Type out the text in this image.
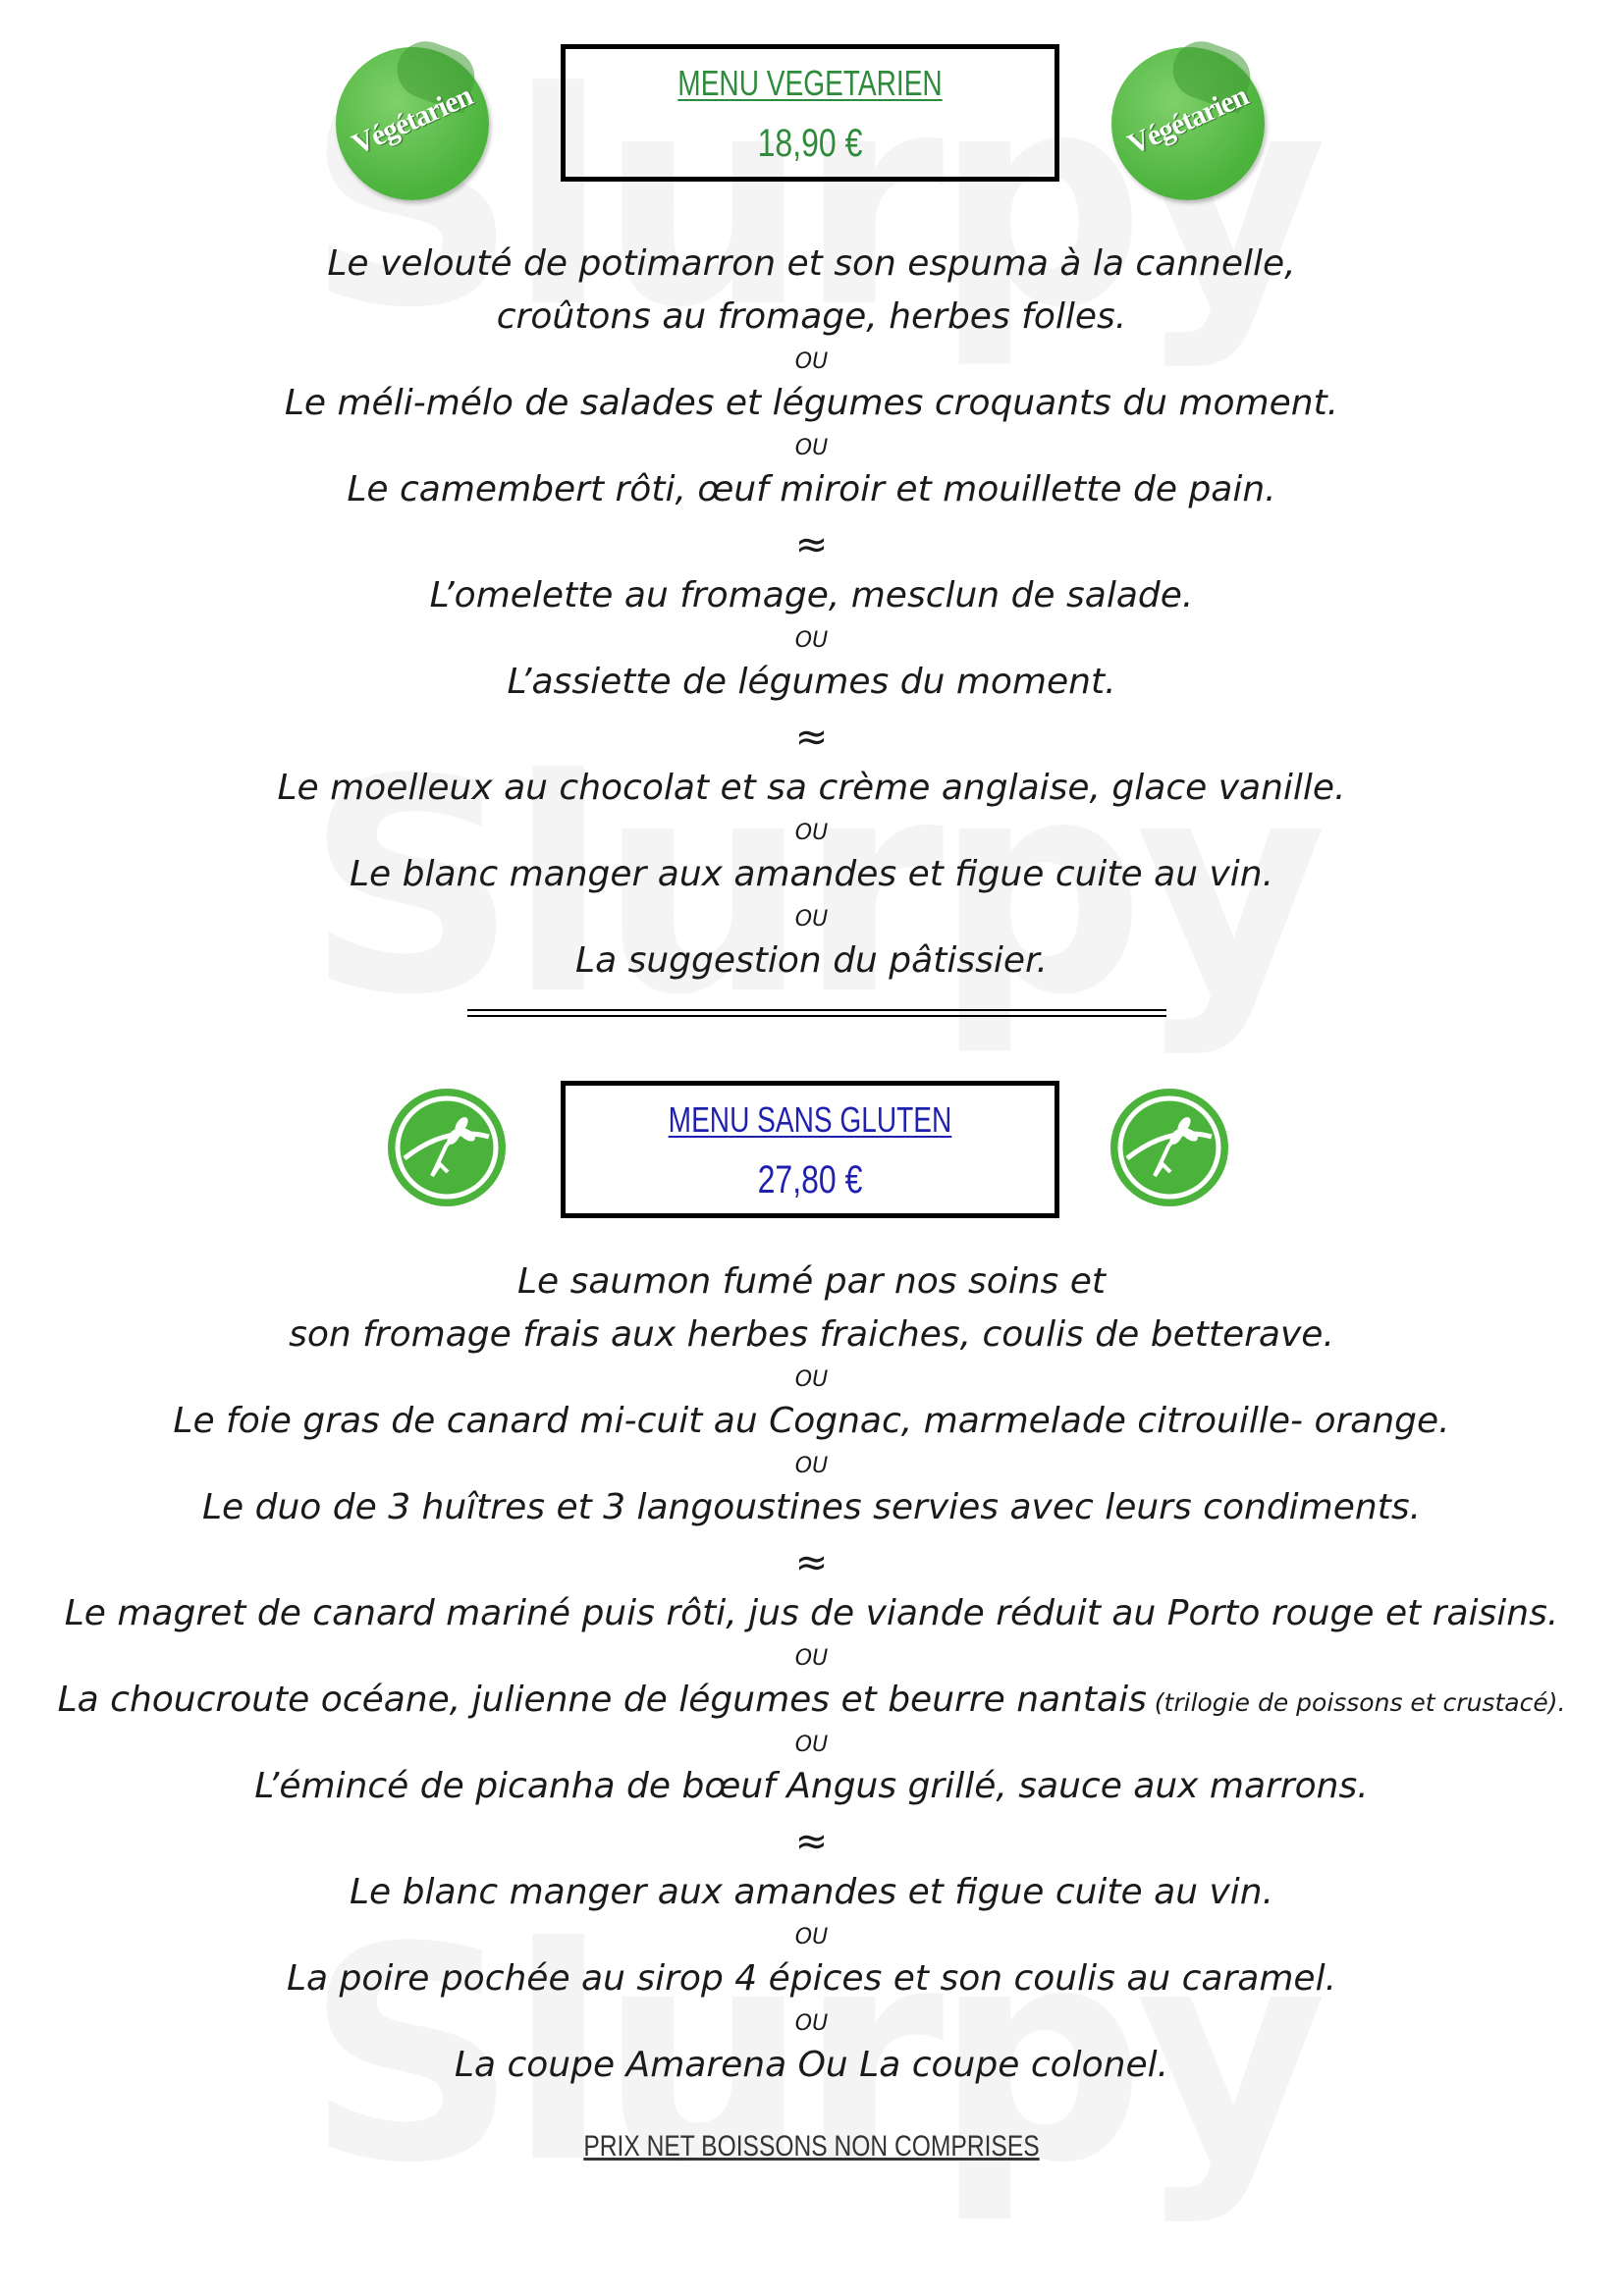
Végétarien	MENU VEGETARIEN
18,90 €	Végétarien
Le velouté de potimarron et son espuma à la cannelle,
croûtons au fromage, herbes folles.
OU
Le méli-mélo de salades et légumes croquants du moment.
OU
Le camembert rôti, œuf miroir et mouillette de pain.
≈
L’omelette au fromage, mesclun de salade.
OU
L’assiette de légumes du moment.
≈
Le moelleux au chocolat et sa crème anglaise, glace vanille.
OU
Le blanc manger aux amandes et figue cuite au vin.
OU
La suggestion du pâtissier.
MENU SANS GLUTEN
27,80 €
Le saumon fumé par nos soins et
son fromage frais aux herbes fraiches, coulis de betterave.
OU
Le foie gras de canard mi-cuit au Cognac, marmelade citrouille- orange.
OU
Le duo de 3 huîtres et 3 langoustines servies avec leurs condiments.
≈
Le magret de canard mariné puis rôti, jus de viande réduit au Porto rouge et raisins.
OU
La choucroute océane, julienne de légumes et beurre nantais (trilogie de poissons et crustacé).
OU
L’émincé de picanha de bœuf Angus grillé, sauce aux marrons.
≈
Le blanc manger aux amandes et figue cuite au vin.
OU
La poire pochée au sirop 4 épices et son coulis au caramel.
OU
La coupe Amarena Ou La coupe colonel.
PRIX NET BOISSONS NON COMPRISES
